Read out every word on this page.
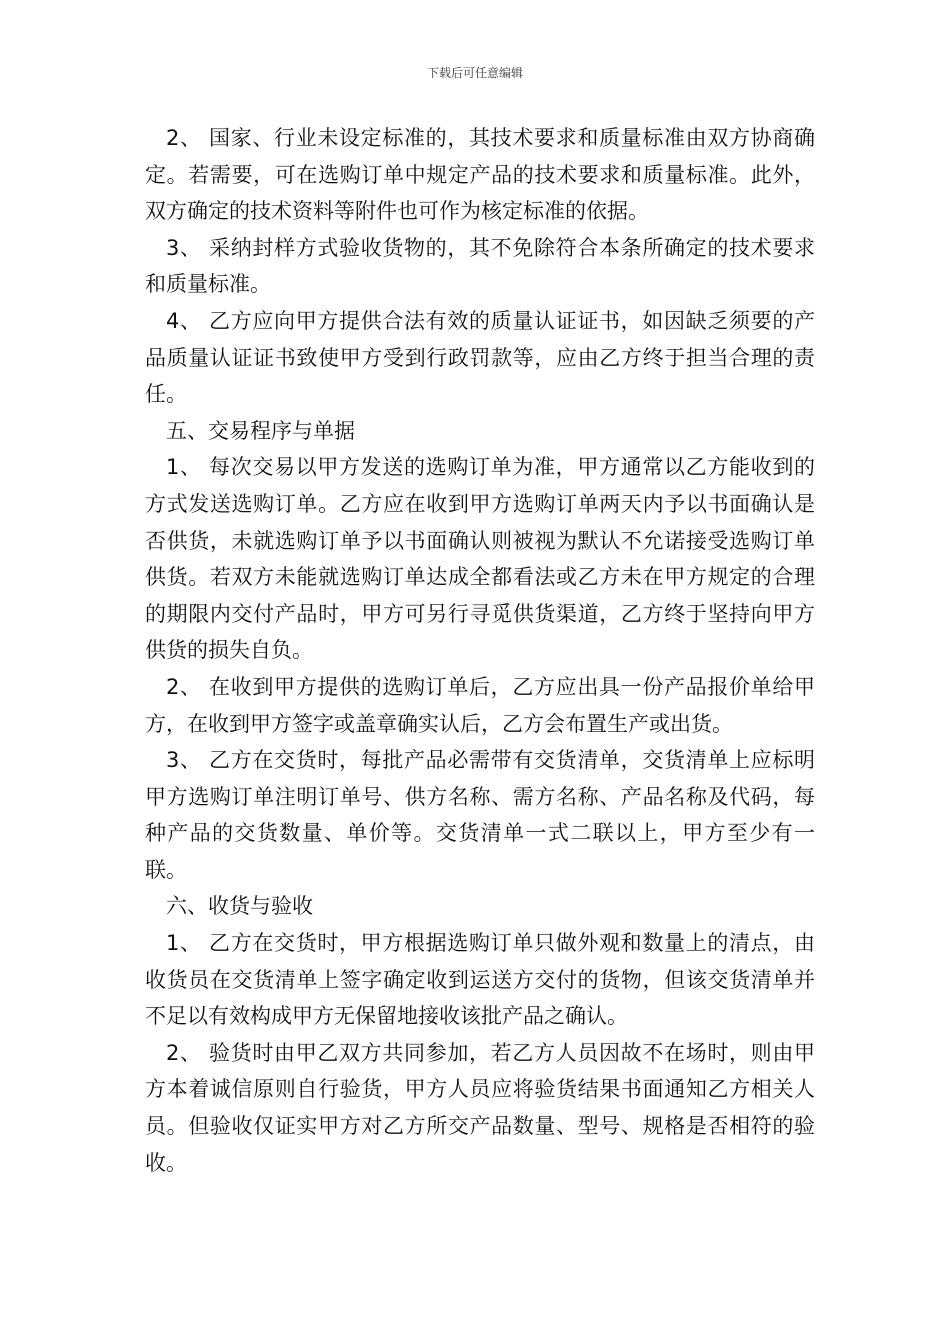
下载后可任意编辑

2、 国家、行业未设定标准的，其技术要求和质量标准由双方协商确定。若需要，可在选购订单中规定产品的技术要求和质量标准。此外，双方确定的技术资料等附件也可作为核定标准的依据。

3、 采纳封样方式验收货物的，其不免除符合本条所确定的技术要求和质量标准。

4、 乙方应向甲方提供合法有效的质量认证证书，如因缺乏须要的产品质量认证证书致使甲方受到行政罚款等，应由乙方终于担当合理的责任。

五、交易程序与单据

1、 每次交易以甲方发送的选购订单为准，甲方通常以乙方能收到的方式发送选购订单。乙方应在收到甲方选购订单两天内予以书面确认是否供货，未就选购订单予以书面确认则被视为默认不允诺接受选购订单供货。若双方未能就选购订单达成全都看法或乙方未在甲方规定的合理的期限内交付产品时，甲方可另行寻觅供货渠道，乙方终于坚持向甲方供货的损失自负。

2、 在收到甲方提供的选购订单后，乙方应出具一份产品报价单给甲方，在收到甲方签字或盖章确实认后，乙方会布置生产或出货。

3、 乙方在交货时，每批产品必需带有交货清单，交货清单上应标明甲方选购订单注明订单号、供方名称、需方名称、产品名称及代码，每种产品的交货数量、单价等。交货清单一式二联以上，甲方至少有一联。

六、收货与验收

1、 乙方在交货时，甲方根据选购订单只做外观和数量上的清点，由收货员在交货清单上签字确定收到运送方交付的货物，但该交货清单并不足以有效构成甲方无保留地接收该批产品之确认。

2、 验货时由甲乙双方共同参加，若乙方人员因故不在场时，则由甲方本着诚信原则自行验货，甲方人员应将验货结果书面通知乙方相关人员。但验收仅证实甲方对乙方所交产品数量、型号、规格是否相符的验收。
